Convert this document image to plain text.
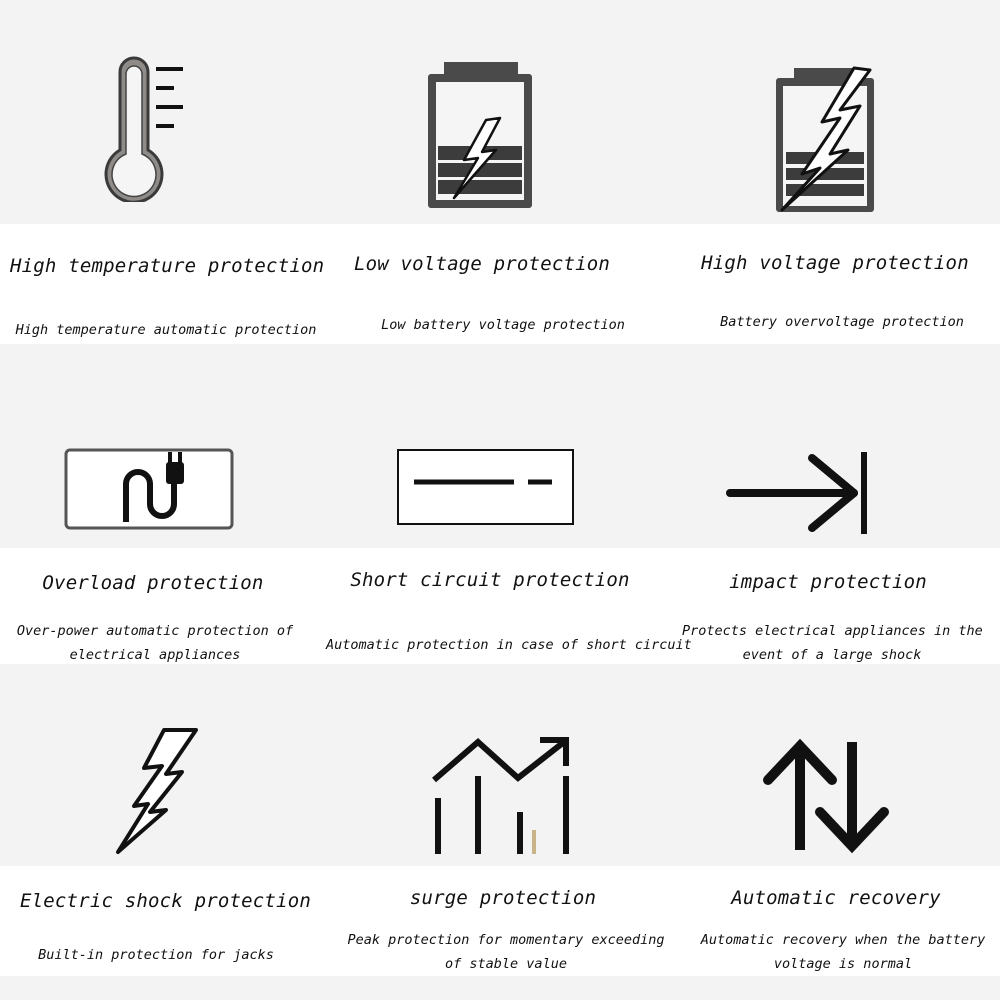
High temperature protection
High temperature automatic protection
Low voltage protection
Low battery voltage protection
High voltage protection
Battery overvoltage protection
Overload protection
Over-power automatic protection of
electrical appliances
Short circuit protection
Automatic protection in case of short circuit
impact protection
Protects electrical appliances in the
event of a large shock
Electric shock protection
Built-in protection for jacks
surge protection
Peak protection for momentary exceeding
of stable value
Automatic recovery
Automatic recovery when the battery
voltage is normal
